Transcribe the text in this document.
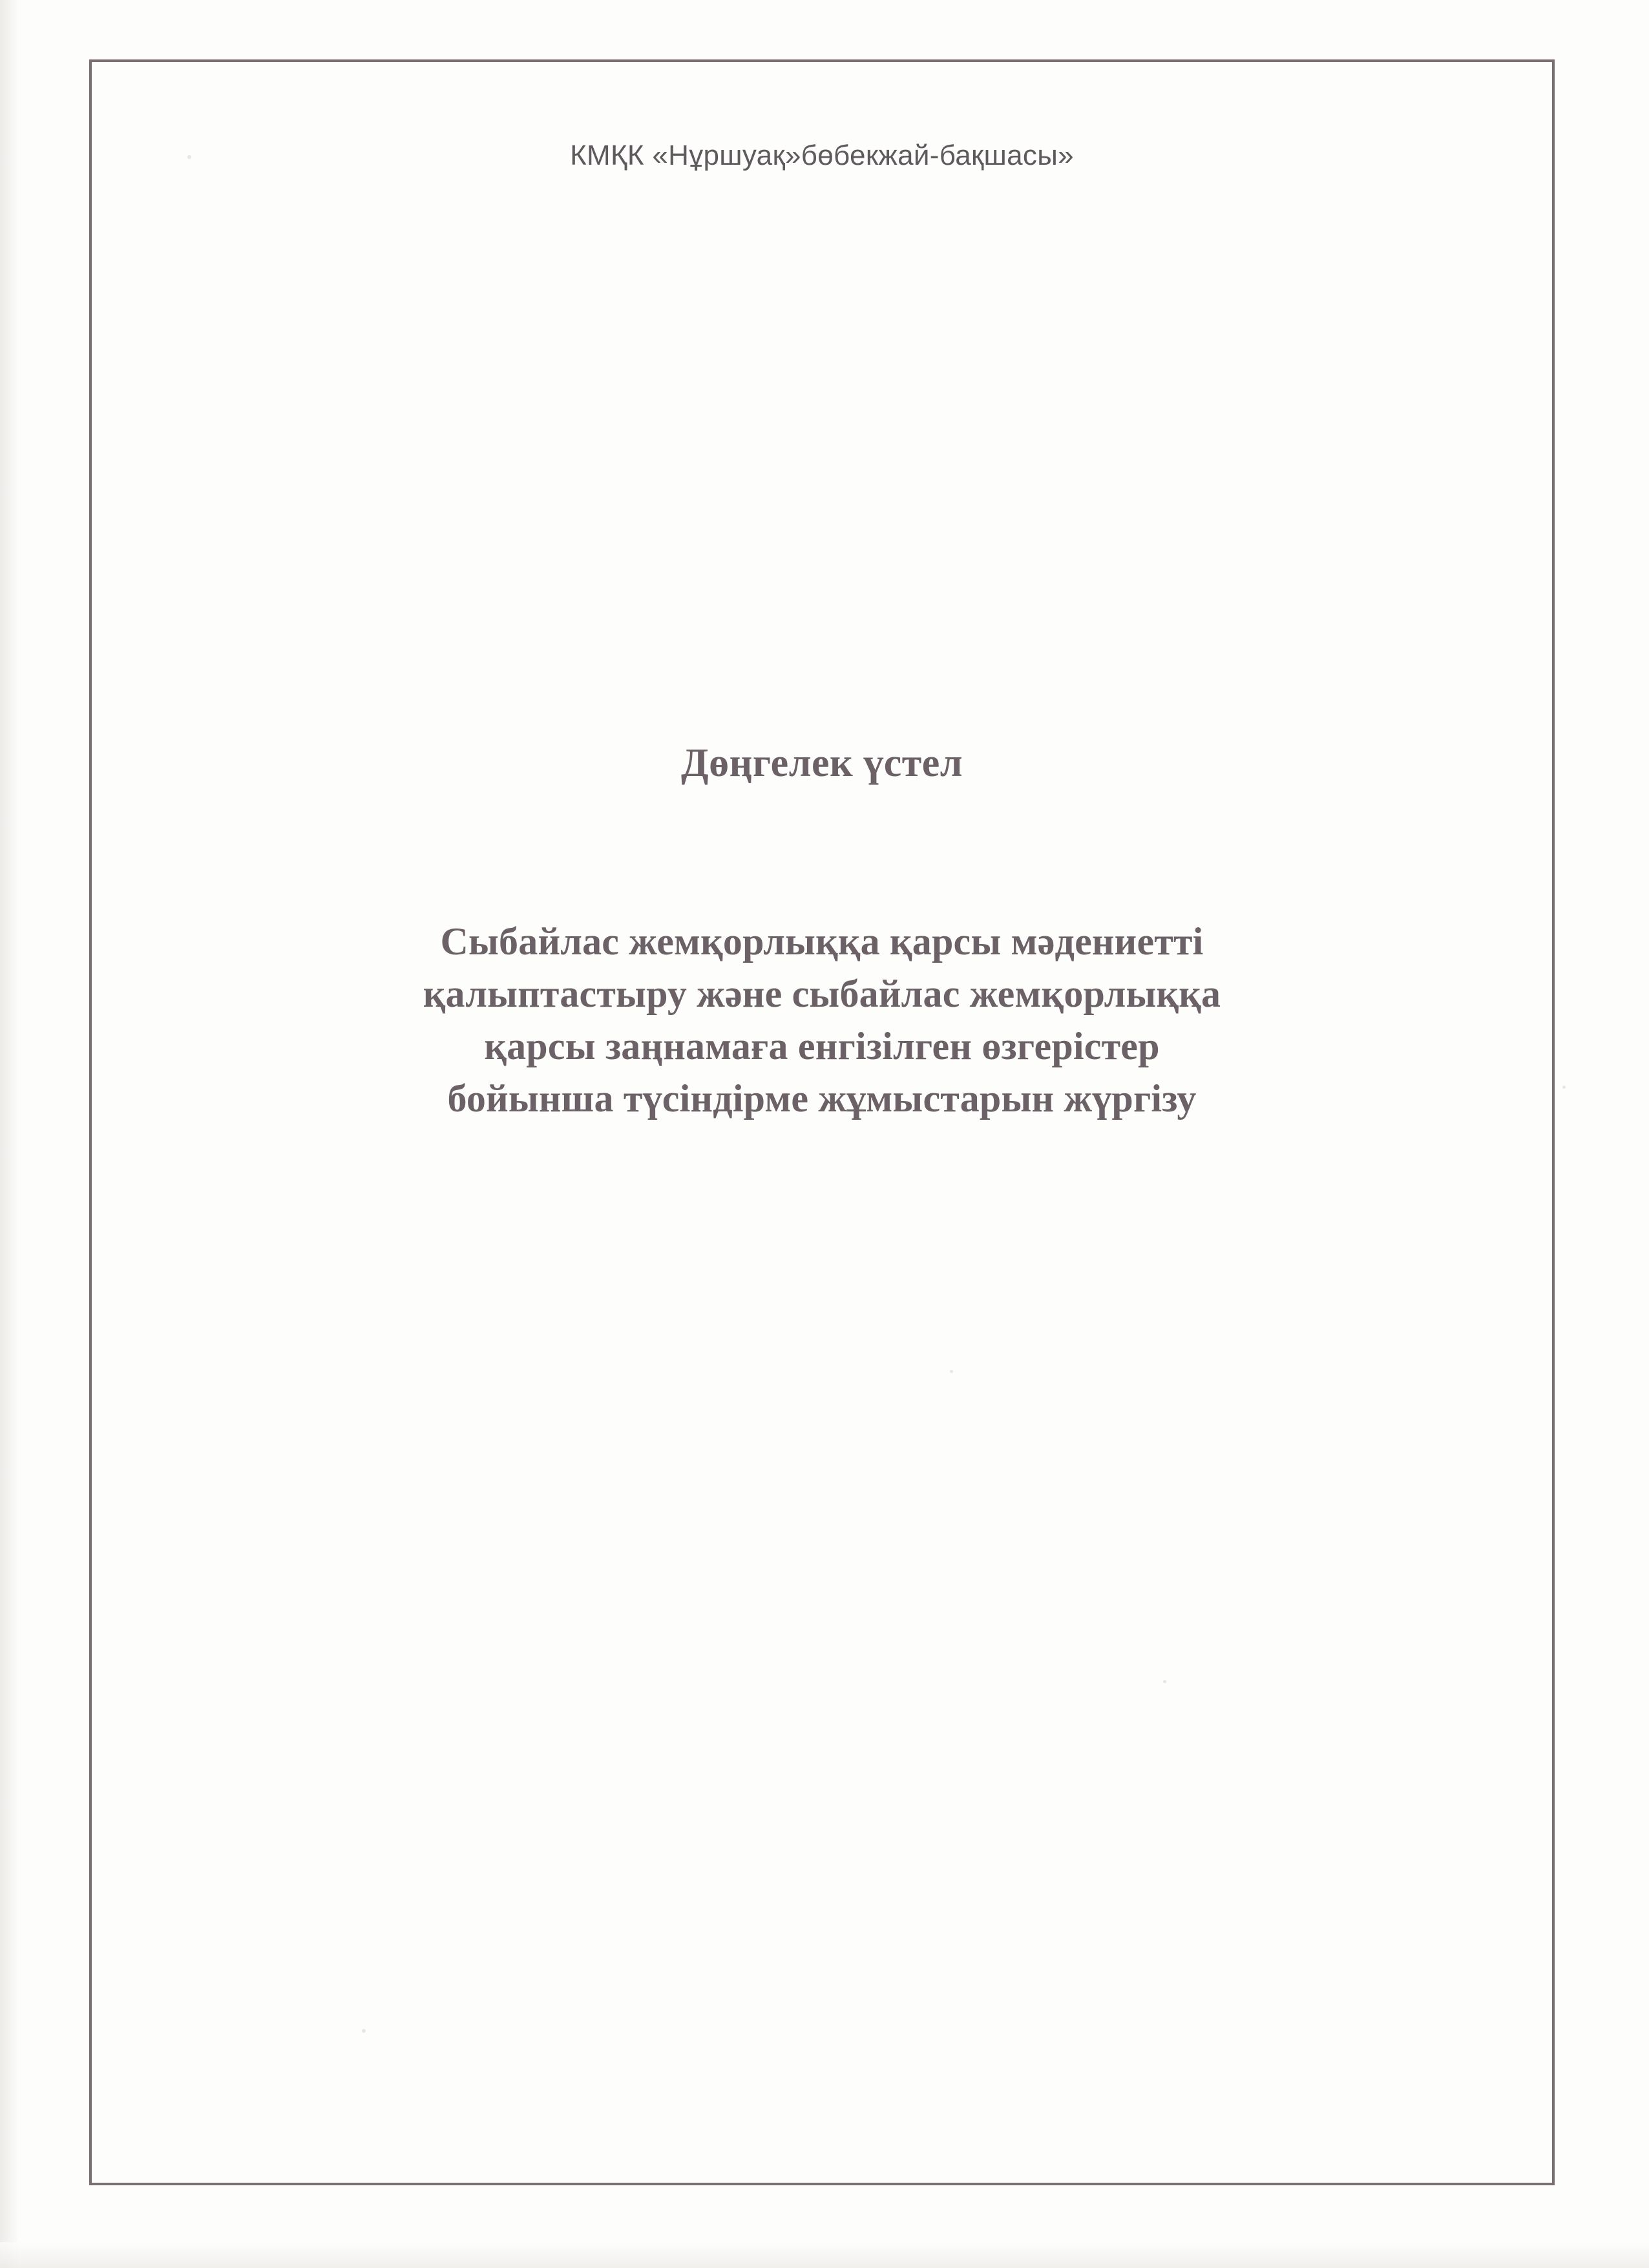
КМҚК «Нұршуақ»бөбекжай-бақшасы»
Дөңгелек үстел
Сыбайлас жемқорлыққа қарсы мәдениетті
қалыптастыру және сыбайлас жемқорлыққа
қарсы заңнамаға енгізілген өзгерістер
бойынша түсіндірме жұмыстарын жүргізу
